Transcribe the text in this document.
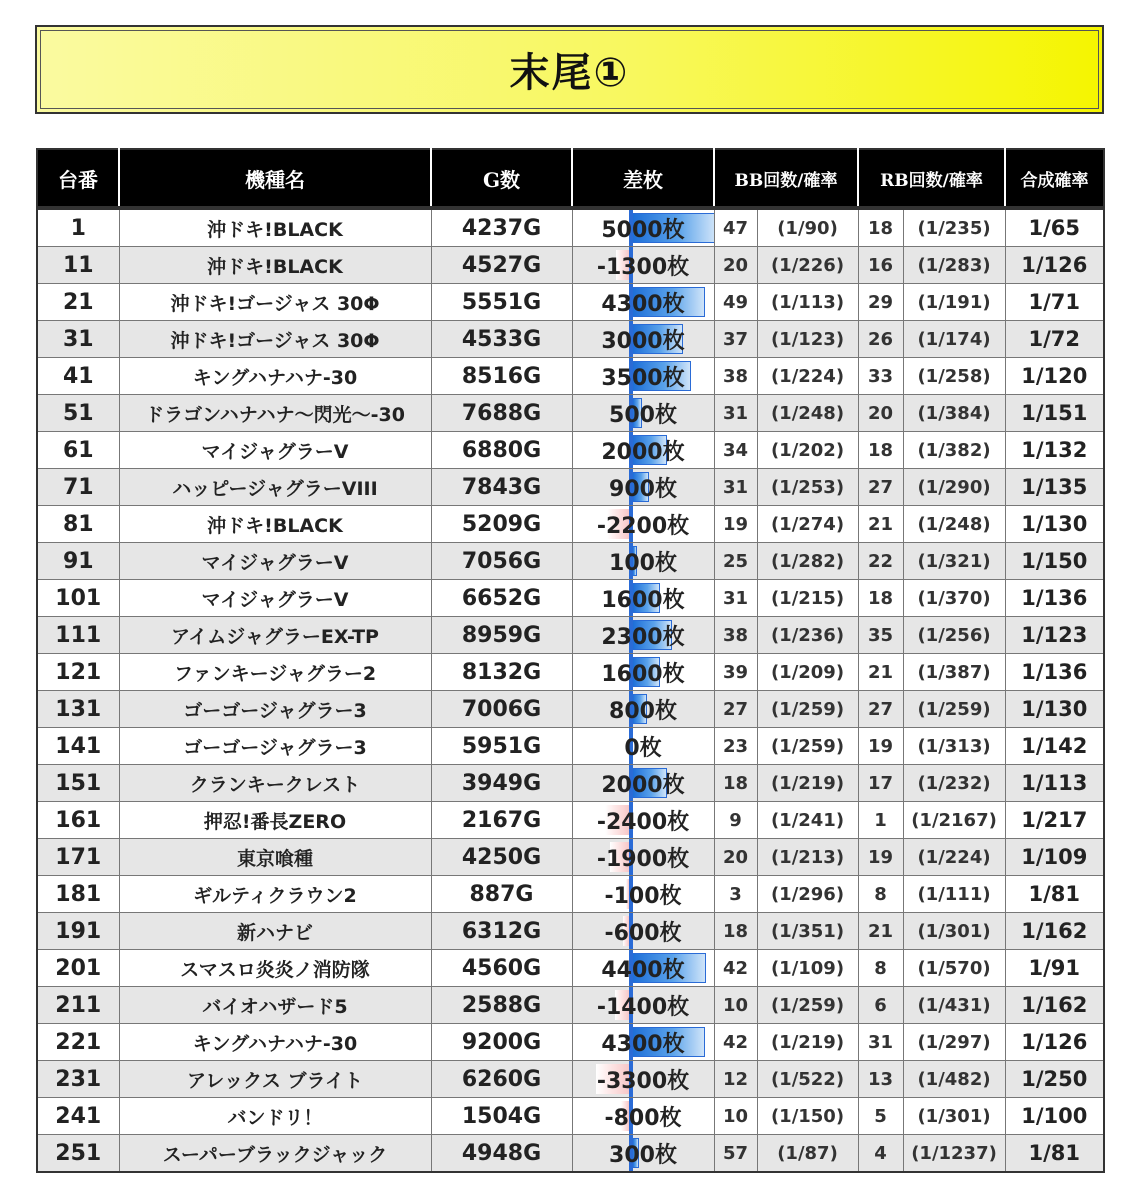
末尾①
台番	機種名	G数	差枚	BB回数/確率		RB回数/確率		合成確率
1	沖ドキ!BLACK	4237G	5000枚	47	(1/90)	18	(1/235)	1/65
11	沖ドキ!BLACK	4527G	-1300枚	20	(1/226)	16	(1/283)	1/126
21	沖ドキ!ゴージャス 30Φ	5551G	4300枚	49	(1/113)	29	(1/191)	1/71
31	沖ドキ!ゴージャス 30Φ	4533G	3000枚	37	(1/123)	26	(1/174)	1/72
41	キングハナハナ-30	8516G	3500枚	38	(1/224)	33	(1/258)	1/120
51	ドラゴンハナハナ～閃光～-30	7688G	500枚	31	(1/248)	20	(1/384)	1/151
61	マイジャグラーV	6880G	2000枚	34	(1/202)	18	(1/382)	1/132
71	ハッピージャグラーVIII	7843G	900枚	31	(1/253)	27	(1/290)	1/135
81	沖ドキ!BLACK	5209G	-2200枚	19	(1/274)	21	(1/248)	1/130
91	マイジャグラーV	7056G	100枚	25	(1/282)	22	(1/321)	1/150
101	マイジャグラーV	6652G	1600枚	31	(1/215)	18	(1/370)	1/136
111	アイムジャグラーEX-TP	8959G	2300枚	38	(1/236)	35	(1/256)	1/123
121	ファンキージャグラー2	8132G	1600枚	39	(1/209)	21	(1/387)	1/136
131	ゴーゴージャグラー3	7006G	800枚	27	(1/259)	27	(1/259)	1/130
141	ゴーゴージャグラー3	5951G	0枚	23	(1/259)	19	(1/313)	1/142
151	クランキークレスト	3949G	2000枚	18	(1/219)	17	(1/232)	1/113
161	押忍!番長ZERO	2167G	-2400枚	9	(1/241)	1	(1/2167)	1/217
171	東京喰種	4250G	-1900枚	20	(1/213)	19	(1/224)	1/109
181	ギルティクラウン2	887G	-100枚	3	(1/296)	8	(1/111)	1/81
191	新ハナビ	6312G	-600枚	18	(1/351)	21	(1/301)	1/162
201	スマスロ炎炎ノ消防隊	4560G	4400枚	42	(1/109)	8	(1/570)	1/91
211	バイオハザード5	2588G	-1400枚	10	(1/259)	6	(1/431)	1/162
221	キングハナハナ-30	9200G	4300枚	42	(1/219)	31	(1/297)	1/126
231	アレックス ブライト	6260G	-3300枚	12	(1/522)	13	(1/482)	1/250
241	バンドリ！	1504G	-800枚	10	(1/150)	5	(1/301)	1/100
251	スーパーブラックジャック	4948G	300枚	57	(1/87)	4	(1/1237)	1/81
